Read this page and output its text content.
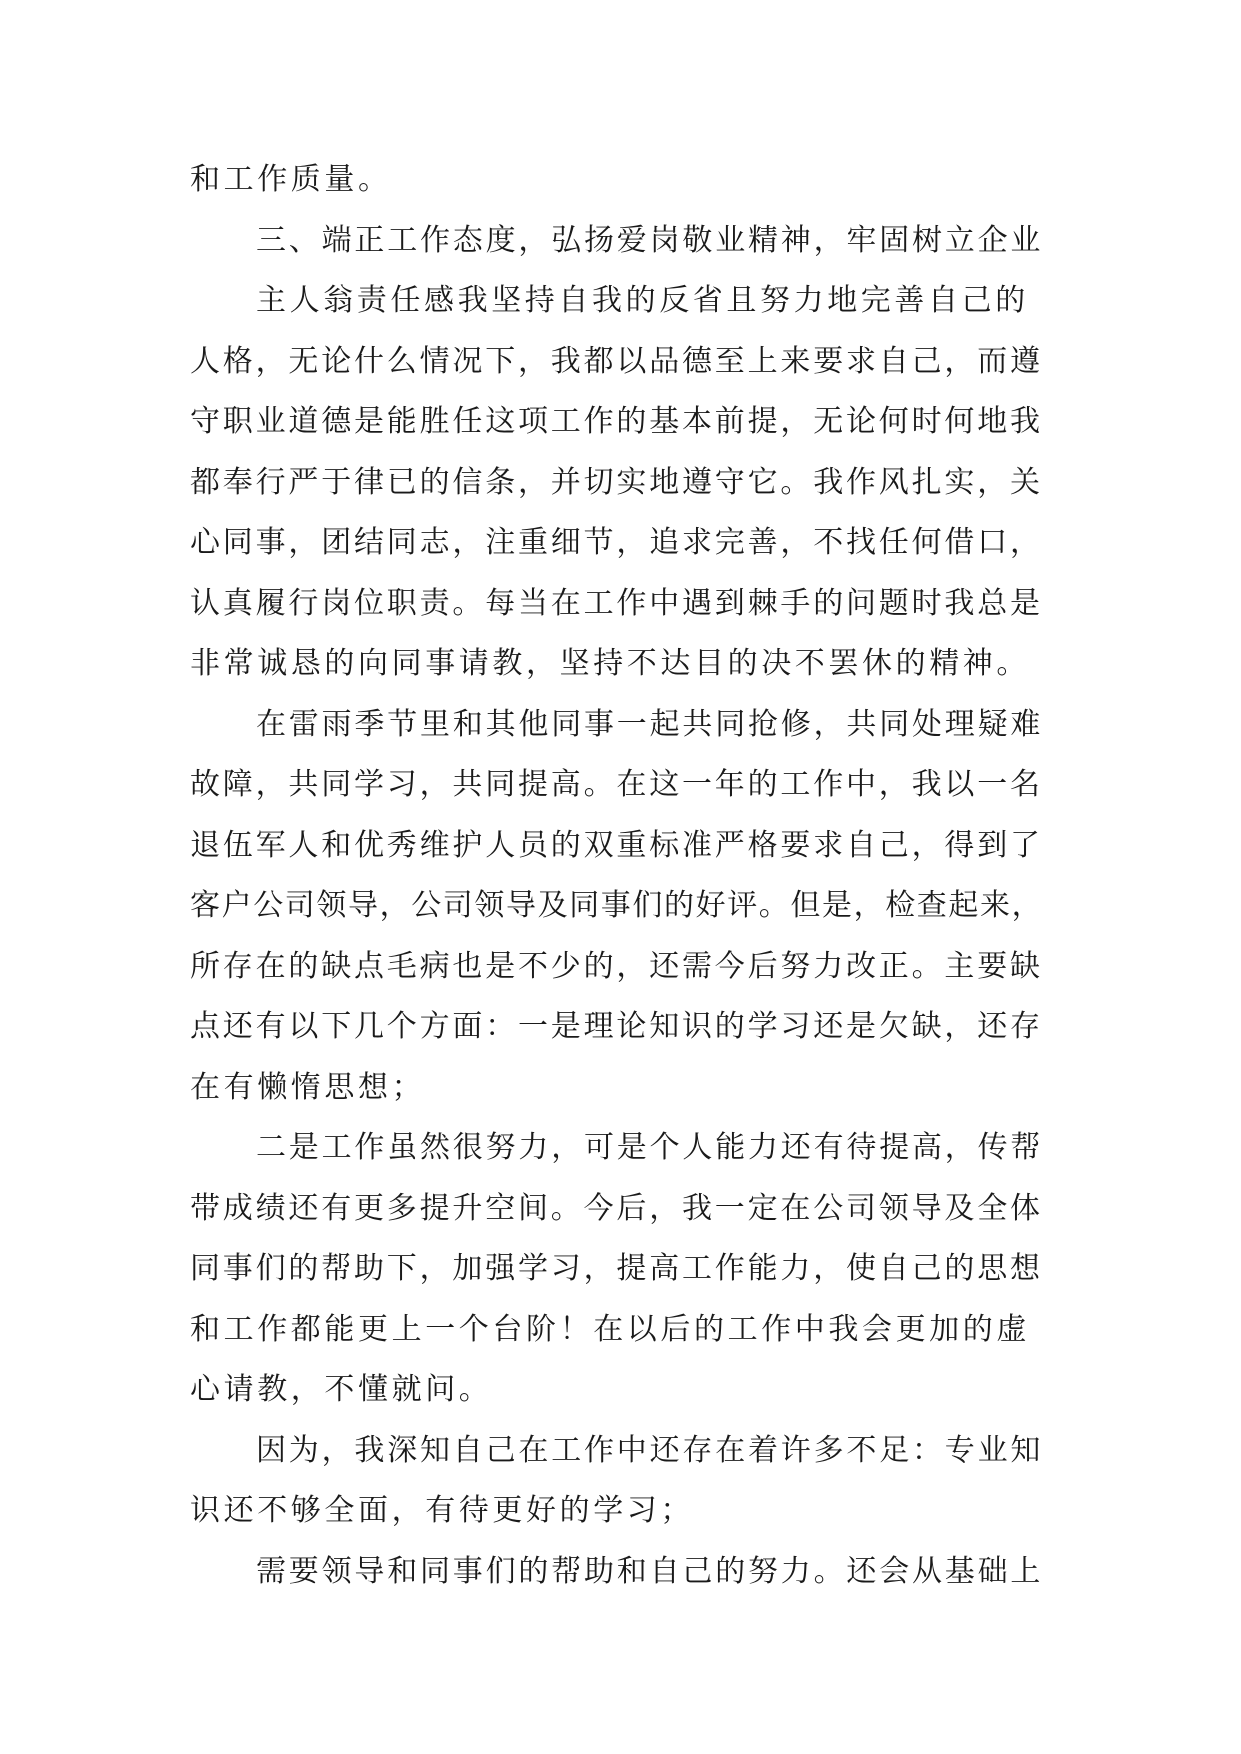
和工作质量。
三、端正工作态度，弘扬爱岗敬业精神，牢固树立企业
主人翁责任感我坚持自我的反省且努力地完善自己的
人格，无论什么情况下，我都以品德至上来要求自己，而遵
守职业道德是能胜任这项工作的基本前提，无论何时何地我
都奉行严于律已的信条，并切实地遵守它。我作风扎实，关
心同事，团结同志，注重细节，追求完善，不找任何借口，
认真履行岗位职责。每当在工作中遇到棘手的问题时我总是
非常诚恳的向同事请教，坚持不达目的决不罢休的精神。
在雷雨季节里和其他同事一起共同抢修，共同处理疑难
故障，共同学习，共同提高。在这一年的工作中，我以一名
退伍军人和优秀维护人员的双重标准严格要求自己，得到了
客户公司领导，公司领导及同事们的好评。但是，检查起来，
所存在的缺点毛病也是不少的，还需今后努力改正。主要缺
点还有以下几个方面：一是理论知识的学习还是欠缺，还存
在有懒惰思想；
二是工作虽然很努力，可是个人能力还有待提高，传帮
带成绩还有更多提升空间。今后，我一定在公司领导及全体
同事们的帮助下，加强学习，提高工作能力，使自己的思想
和工作都能更上一个台阶！在以后的工作中我会更加的虚
心请教，不懂就问。
因为，我深知自己在工作中还存在着许多不足：专业知
识还不够全面，有待更好的学习；
需要领导和同事们的帮助和自己的努力。还会从基础上
